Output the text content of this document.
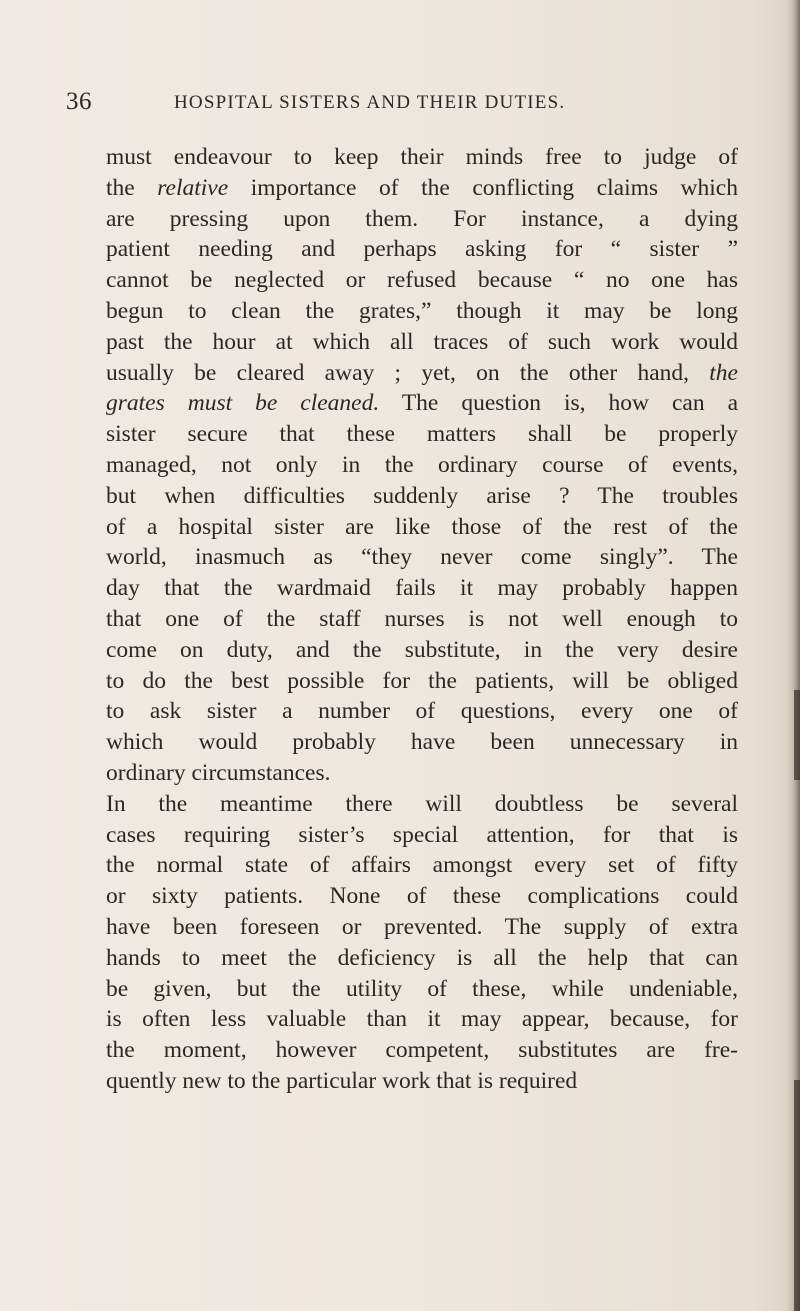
36	HOSPITAL SISTERS AND THEIR DUTIES.
must endeavour to keep their minds free to judge of
the relative importance of the conflicting claims which
are pressing upon them. For instance, a dying
patient needing and perhaps asking for “ sister ”
cannot be neglected or refused because “ no one has
begun to clean the grates,” though it may be long
past the hour at which all traces of such work would
usually be cleared away ; yet, on the other hand, the
grates must be cleaned. The question is, how can a
sister secure that these matters shall be properly
managed, not only in the ordinary course of events,
but when difficulties suddenly arise ? The troubles
of a hospital sister are like those of the rest of the
world, inasmuch as “they never come singly”. The
day that the wardmaid fails it may probably happen
that one of the staff nurses is not well enough to
come on duty, and the substitute, in the very desire
to do the best possible for the patients, will be obliged
to ask sister a number of questions, every one of
which would probably have been unnecessary in
ordinary circumstances.
In the meantime there will doubtless be several
cases requiring sister’s special attention, for that is
the normal state of affairs amongst every set of fifty
or sixty patients. None of these complications could
have been foreseen or prevented. The supply of extra
hands to meet the deficiency is all the help that can
be given, but the utility of these, while undeniable,
is often less valuable than it may appear, because, for
the moment, however competent, substitutes are fre-
quently new to the particular work that is required
